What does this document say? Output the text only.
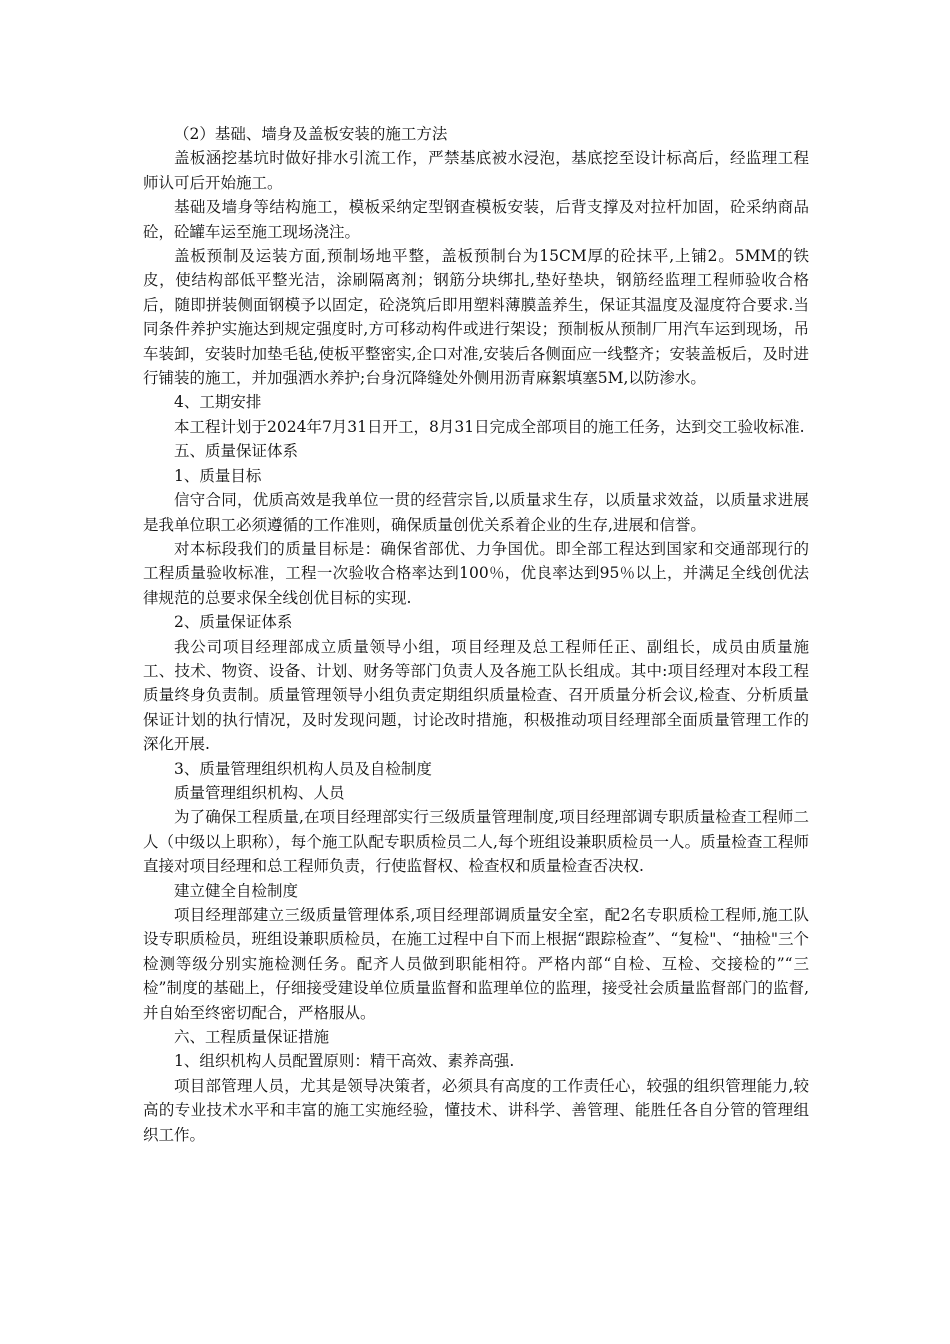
（2）基础、墙身及盖板安装的施工方法

盖板涵挖基坑时做好排水引流工作，严禁基底被水浸泡，基底挖至设计标高后，经监理工程师认可后开始施工。

基础及墙身等结构施工，模板采纳定型钢查模板安装，后背支撑及对拉杆加固，砼采纳商品砼，砼罐车运至施工现场浇注。

盖板预制及运装方面,预制场地平整，盖板预制台为15CM厚的砼抹平,上铺2。5MM的铁皮，使结构部低平整光洁，涂刷隔离剂；钢筋分块绑扎,垫好垫块，钢筋经监理工程师验收合格后，随即拼装侧面钢模予以固定，砼浇筑后即用塑料薄膜盖养生，保证其温度及湿度符合要求.当同条件养护实施达到规定强度时,方可移动构件或进行架设；预制板从预制厂用汽车运到现场，吊车装卸，安装时加垫毛毡,使板平整密实,企口对准,安装后各侧面应一线整齐；安装盖板后，及时进行铺装的施工，并加强洒水养护;台身沉降缝处外侧用沥青麻絮填塞5M,以防渗水。

4、工期安排

本工程计划于2024年7月31日开工，8月31日完成全部项目的施工任务，达到交工验收标准.

五、质量保证体系

1、质量目标

信守合同，优质高效是我单位一贯的经营宗旨,以质量求生存，以质量求效益，以质量求进展是我单位职工必须遵循的工作准则，确保质量创优关系着企业的生存,进展和信誉。

对本标段我们的质量目标是：确保省部优、力争国优。即全部工程达到国家和交通部现行的工程质量验收标准，工程一次验收合格率达到100％，优良率达到95％以上，并满足全线创优法律规范的总要求保全线创优目标的实现.

2、质量保证体系

我公司项目经理部成立质量领导小组，项目经理及总工程师任正、副组长，成员由质量施工、技术、物资、设备、计划、财务等部门负责人及各施工队长组成。其中:项目经理对本段工程质量终身负责制。质量管理领导小组负责定期组织质量检查、召开质量分析会议,检查、分析质量保证计划的执行情况，及时发现问题，讨论改时措施，积极推动项目经理部全面质量管理工作的深化开展.

3、质量管理组织机构人员及自检制度

质量管理组织机构、人员

为了确保工程质量,在项目经理部实行三级质量管理制度,项目经理部调专职质量检查工程师二人（中级以上职称），每个施工队配专职质检员二人,每个班组设兼职质检员一人。质量检查工程师直接对项目经理和总工程师负责，行使监督权、检查权和质量检查否决权.

建立健全自检制度

项目经理部建立三级质量管理体系,项目经理部调质量安全室，配2名专职质检工程师,施工队设专职质检员，班组设兼职质检员，在施工过程中自下而上根据“跟踪检查”、“复检"、“抽检"三个检测等级分别实施检测任务。配齐人员做到职能相符。严格内部“自检、互检、交接检的”“三检”制度的基础上，仔细接受建设单位质量监督和监理单位的监理，接受社会质量监督部门的监督,并自始至终密切配合，严格服从。

六、工程质量保证措施

1、组织机构人员配置原则：精干高效、素养高强.

项目部管理人员，尤其是领导决策者，必须具有高度的工作责任心，较强的组织管理能力,较高的专业技术水平和丰富的施工实施经验，懂技术、讲科学、善管理、能胜任各自分管的管理组织工作。
